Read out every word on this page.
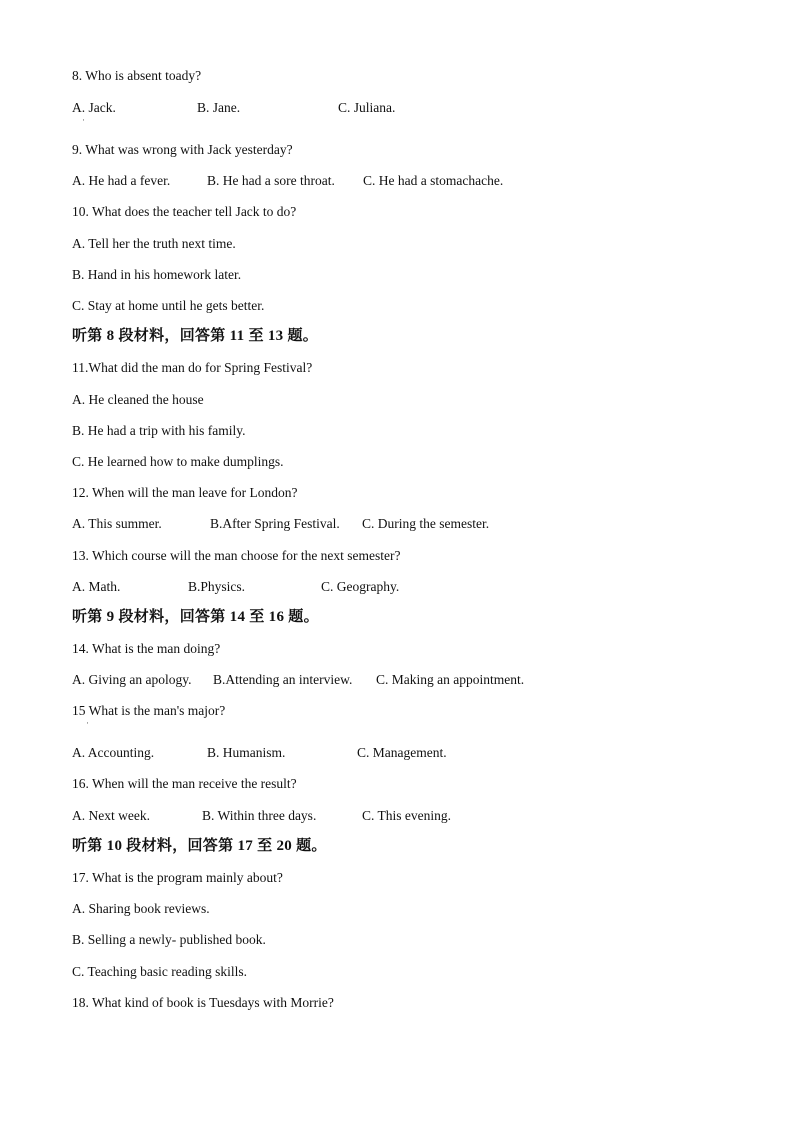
8. Who is absent toady?
A. Jack.
·
B. Jane.	C. Juliana.
9. What was wrong with Jack yesterday?
A. He had a fever.	B. He had a sore throat. C. He had a stomachache.
10. What does the teacher tell Jack to do?
A. Tell her the truth next time.
B. Hand in his homework later.
C. Stay at home until he gets better.
听第 8 段材料，回答第 11 至 13 题。
11.What did the man do for Spring Festival?
A. He cleaned the house
B. He had a trip with his family.
C. He learned how to make dumplings.
12. When will the man leave for London?
A. This summer.	B.After Spring Festival. C. During the semester.
13. Which course will the man choose for the next semester?
A. Math.	B.Physics.	C. Geography.
听第 9 段材料，回答第 14 至 16 题。
14. What is the man doing?
A. Giving an apology. B.Attending an interview. C. Making an appointment.
15 What is the man's major?
·
A. Accounting.	B. Humanism.	C. Management.
16. When will the man receive the result?
A. Next week.	B. Within three days.	C. This evening.
听第 10 段材料，回答第 17 至 20 题。
17. What is the program mainly about?
A. Sharing book reviews.
B. Selling a newly- published book.
C. Teaching basic reading skills.
18. What kind of book is Tuesdays with Morrie?
